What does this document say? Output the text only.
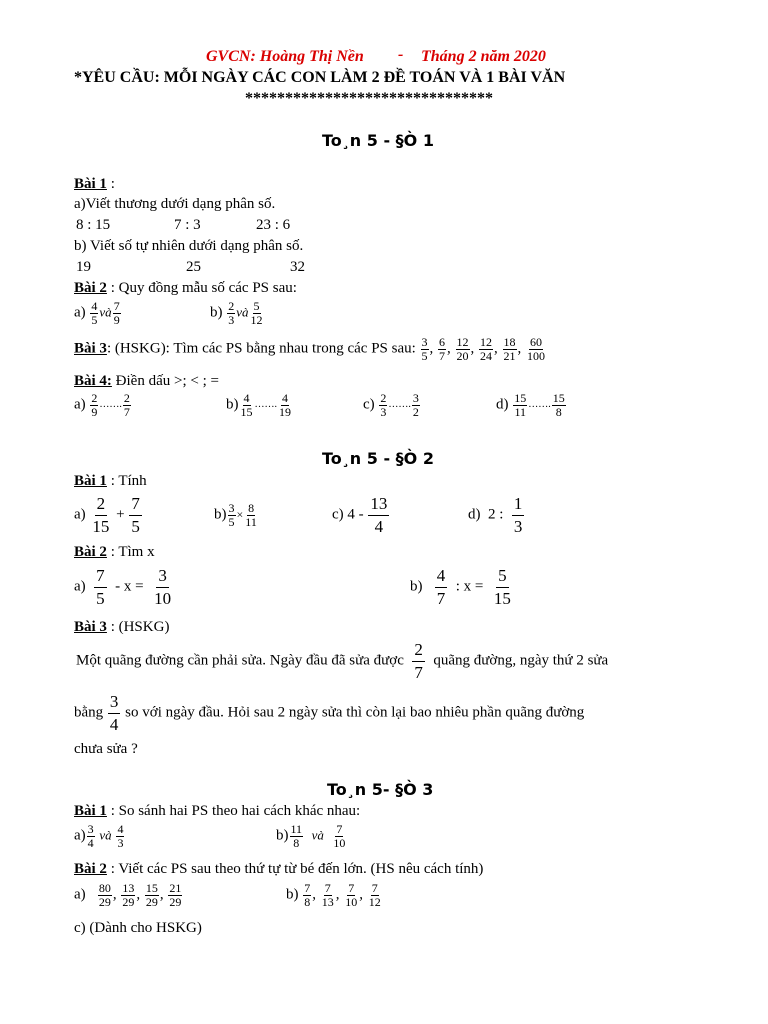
GVCN: Hoàng Thị Nền - Tháng 2 năm 2020
*YÊU CẦU: MỖI NGÀY CÁC CON LÀM 2 ĐỀ TOÁN VÀ 1 BÀI VĂN
*******************************
To¸n 5 - §Ò 1
Bài 1 :
a)Viết thương dưới dạng phân số.
8 : 15	7 : 3	23 : 6
b) Viết số tự nhiên dưới dạng phân số.
19	25	32
Bài 2 : Quy đồng mẫu số các PS sau:
$a) \frac{4}{5}$ và $\frac{7}{9}$	$b) \frac{2}{3}$ và $\frac{5}{12}$
Bài 3: (HSKG): Tìm các PS bằng nhau trong các PS sau: $\frac{3}{5}$ , $\frac{6}{7}$ , $\frac{12}{20}$ , $\frac{12}{24}$ , $\frac{18}{21}$ , $\frac{60}{100}$
Bài 4: Điền dấu >; < ; =
$a) \frac{2}{9}$ ……. $\frac{2}{7}$	$b) \frac{4}{15}$ ……. $\frac{4}{19}$	$c) \frac{2}{3}$ ……. $\frac{3}{2}$	$d) \frac{15}{11}$ ……. $\frac{15}{8}$
To¸n 5 - §Ò 2
Bài 1 : Tính
$a) \frac{2}{15} + \frac{7}{5}$	$b) \frac{3}{5} \times \frac{8}{11}$	c) $4 - \frac{13}{4}$	d) 2 : $\frac{1}{3}$
Bài 2 : Tìm x
$a) \frac{7}{5} - x = \frac{3}{10}$	$b) \frac{4}{7}$ : $x = \frac{5}{15}$
Bài 3 : (HSKG)
Một quãng đường cần phải sửa. Ngày đầu đã sửa được $\frac{2}{7}$ quãng đường, ngày thứ 2 sửa
bằng $\frac{3}{4}$ so với ngày đầu. Hỏi sau 2 ngày sửa thì còn lại bao nhiêu phần quãng đường
chưa sửa ?
To¸n 5- §Ò 3
Bài 1 : So sánh hai PS theo hai cách khác nhau:
$a) \frac{3}{4}$ và $\frac{4}{3}$	$b) \frac{11}{8}$ và $\frac{7}{10}$
Bài 2 : Viết các PS sau theo thứ tự từ bé đến lớn. (HS nêu cách tính)
$a) \frac{80}{29}$ , $\frac{13}{29}$ , $\frac{15}{29}$ , $\frac{21}{29}$	$b) \frac{7}{8}$ , $\frac{7}{13}$ , $\frac{7}{10}$ , $\frac{7}{12}$
c) (Dành cho HSKG)
